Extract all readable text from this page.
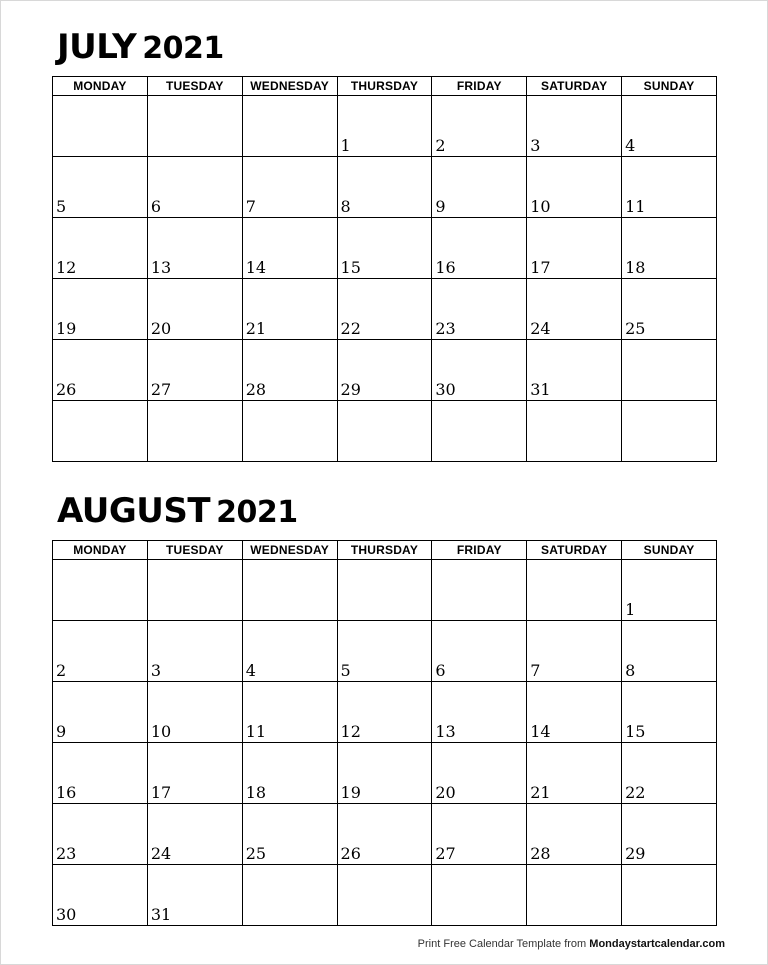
JULY 2021
MONDAY	TUESDAY	WEDNESDAY	THURSDAY	FRIDAY	SATURDAY	SUNDAY

			1	2	3	4

5	6	7	8	9	10	11

12	13	14	15	16	17	18

19	20	21	22	23	24	25

26	27	28	29	30	31	

AUGUST 2021
MONDAY	TUESDAY	WEDNESDAY	THURSDAY	FRIDAY	SATURDAY	SUNDAY

						1

2	3	4	5	6	7	8

9	10	11	12	13	14	15

16	17	18	19	20	21	22

23	24	25	26	27	28	29

30	31					

Print Free Calendar Template from Mondaystartcalendar.com
